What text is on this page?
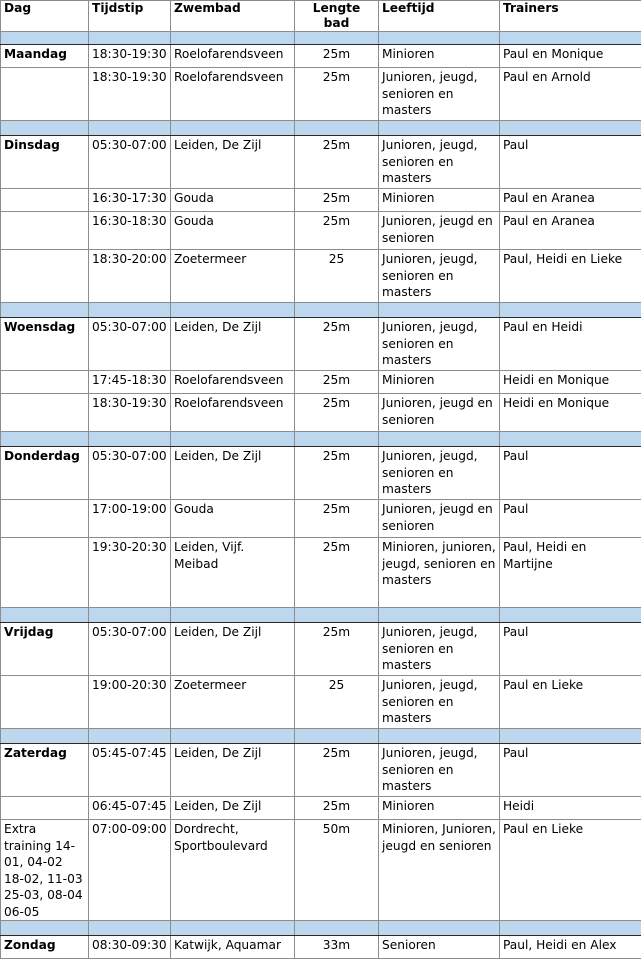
Dag	Tijdstip	Zwembad	Lengte bad	Leeftijd	Trainers

Maandag	18:30-19:30	Roelofarendsveen	25m	Minioren	Paul en Monique
	18:30-19:30	Roelofarendsveen	25m	Junioren, jeugd, senioren en masters	Paul en Arnold

Dinsdag	05:30-07:00	Leiden, De Zijl	25m	Junioren, jeugd, senioren en masters	Paul
	16:30-17:30	Gouda	25m	Minioren	Paul en Aranea
	16:30-18:30	Gouda	25m	Junioren, jeugd en senioren	Paul en Aranea
	18:30-20:00	Zoetermeer	25	Junioren, jeugd, senioren en masters	Paul, Heidi en Lieke

Woensdag	05:30-07:00	Leiden, De Zijl	25m	Junioren, jeugd, senioren en masters	Paul en Heidi
	17:45-18:30	Roelofarendsveen	25m	Minioren	Heidi en Monique
	18:30-19:30	Roelofarendsveen	25m	Junioren, jeugd en senioren	Heidi en Monique

Donderdag	05:30-07:00	Leiden, De Zijl	25m	Junioren, jeugd, senioren en masters	Paul
	17:00-19:00	Gouda	25m	Junioren, jeugd en senioren	Paul
	19:30-20:30	Leiden, Vijf. Meibad	25m	Minioren, junioren, jeugd, senioren en masters	Paul, Heidi en Martijne

Vrijdag	05:30-07:00	Leiden, De Zijl	25m	Junioren, jeugd, senioren en masters	Paul
	19:00-20:30	Zoetermeer	25	Junioren, jeugd, senioren en masters	Paul en Lieke

Zaterdag	05:45-07:45	Leiden, De Zijl	25m	Junioren, jeugd, senioren en masters	Paul
	06:45-07:45	Leiden, De Zijl	25m	Minioren	Heidi
Extra training 14-01, 04-02 18-02, 11-03 25-03, 08-04 06-05	07:00-09:00	Dordrecht, Sportboulevard	50m	Minioren, Junioren, jeugd en senioren	Paul en Lieke

Zondag	08:30-09:30	Katwijk, Aquamar	33m	Senioren	Paul, Heidi en Alex
